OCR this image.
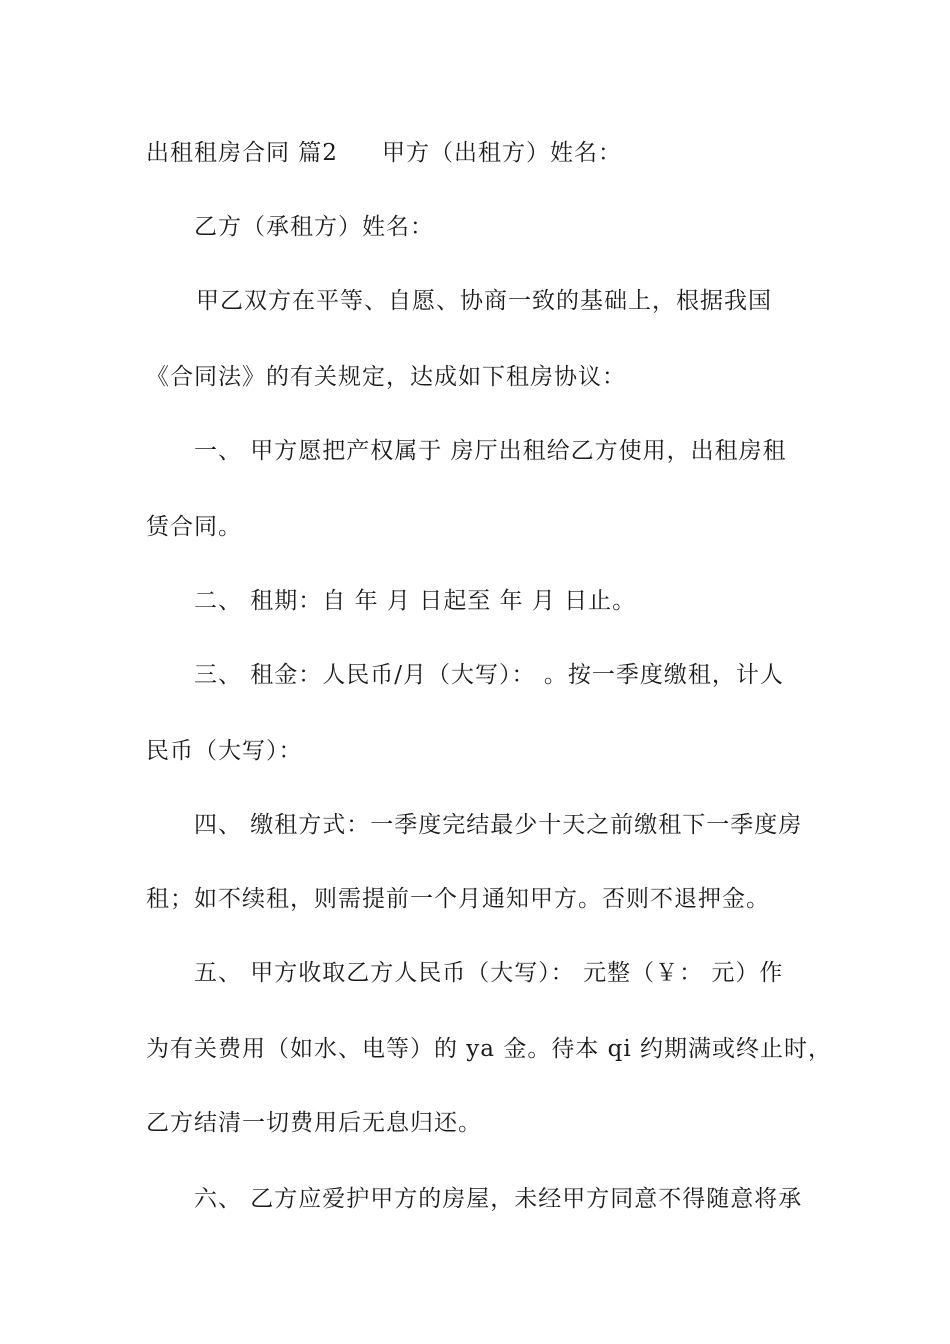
出租租房合同 篇2 甲方（出租方）姓名：
乙方（承租方）姓名：
甲乙双方在平等、自愿、协商一致的基础上，根据我国
《合同法》的有关规定，达成如下租房协议：
一、 甲方愿把产权属于 房厅出租给乙方使用，出租房租
赁合同。
二、 租期：自 年 月 日起至 年 月 日止。
三、 租金：人民币/月（大写）： 。按一季度缴租，计人
民币（大写）：
四、 缴租方式：一季度完结最少十天之前缴租下一季度房
租；如不续租，则需提前一个月通知甲方。否则不退押金。
五、 甲方收取乙方人民币（大写）： 元整（￥： 元）作
为有关费用（如水、电等）的 ya 金。待本 qi 约期满或终止时，
乙方结清一切费用后无息归还。
六、 乙方应爱护甲方的房屋，未经甲方同意不得随意将承
